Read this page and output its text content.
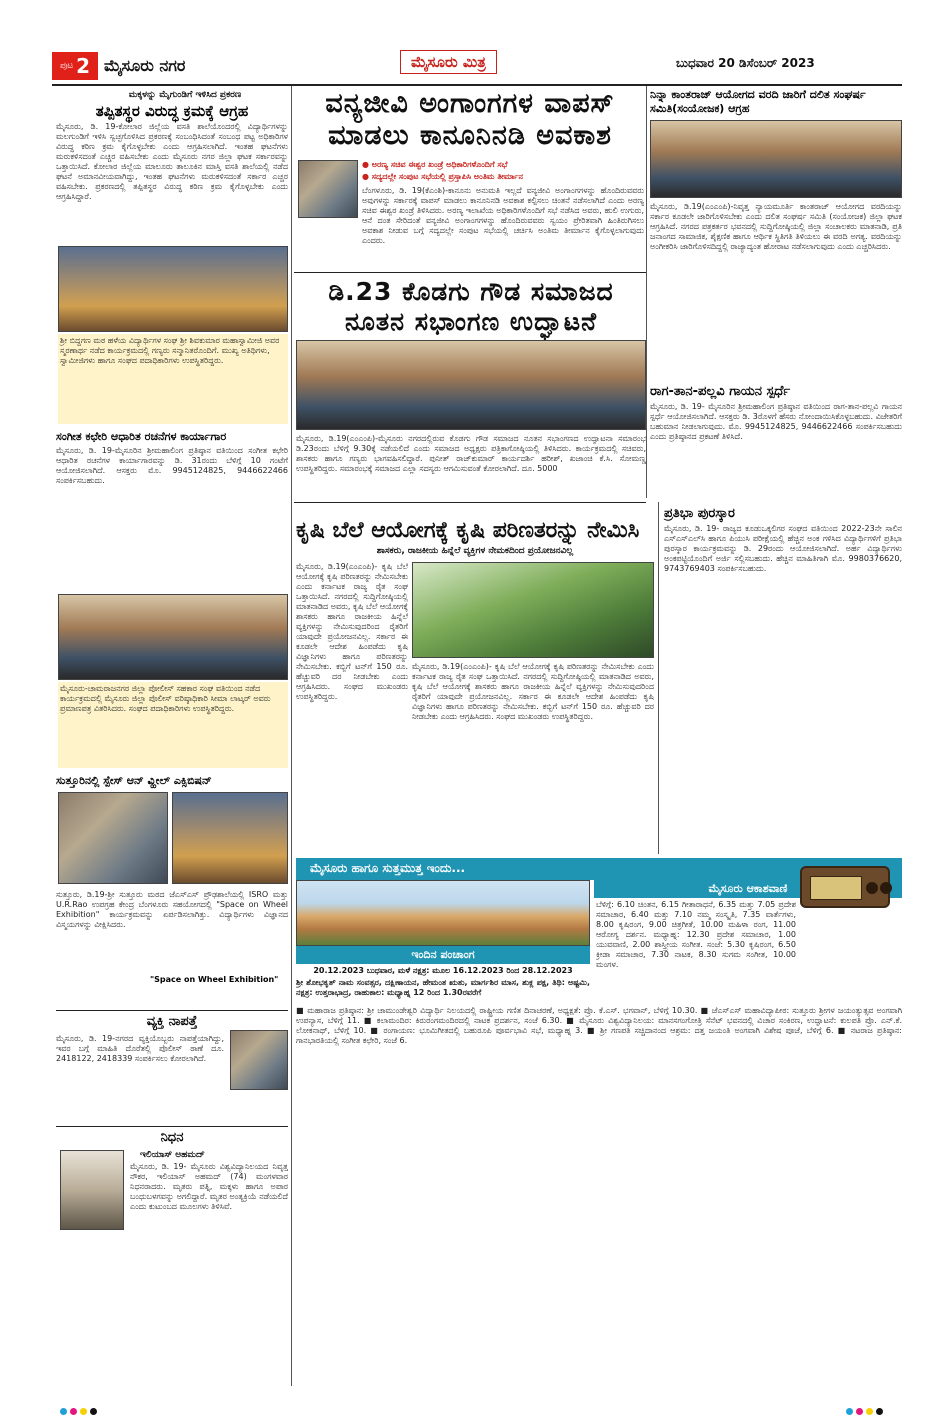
ಪುಟ 2 ಮೈಸೂರು ನಗರ	ಮೈಸೂರು ಮಿತ್ರ	ಬುಧವಾರ 20 ಡಿಸೆಂಬರ್ 2023
ಮಕ್ಕಳನ್ನು ಮೈಗುಂಡಿಗೆ ಇಳಿಸಿದ ಪ್ರಕರಣ
ತಪ್ಪಿತಸ್ಥರ ವಿರುದ್ಧ ಕ್ರಮಕ್ಕೆ ಆಗ್ರಹ
ಮೈಸೂರು, ಡಿ. 19-ಕೋಲಾರ ಜಿಲ್ಲೆಯ ವಸತಿ ಶಾಲೆಯೊಂದರಲ್ಲಿ ವಿದ್ಯಾರ್ಥಿಗಳನ್ನು ಮಲಗುಂಡಿಗೆ ಇಳಿಸಿ ಸ್ವಚ್ಛಗೊಳಿಸಿದ ಪ್ರಕರಣಕ್ಕೆ ಸಂಬಂಧಿಸಿದಂತೆ ಸಂಬಂಧ ಪಟ್ಟ ಅಧಿಕಾರಿಗಳ ವಿರುದ್ಧ ಕಠಿಣ ಕ್ರಮ ಕೈಗೊಳ್ಳಬೇಕು ಎಂದು ಆಗ್ರಹಿಸಲಾಗಿದೆ. ಇಂತಹ ಘಟನೆಗಳು ಮರುಕಳಿಸದಂತೆ ಎಚ್ಚರ ವಹಿಸಬೇಕು ಎಂದು ಮೈಸೂರು ನಗರ ಜಿಲ್ಲಾ ಘಟಕ ಸರ್ಕಾರವನ್ನು ಒತ್ತಾಯಿಸಿದೆ. ಕೋಲಾರ ಜಿಲ್ಲೆಯ ಮಾಲೂರು ತಾಲೂಕಿನ ಮಾಸ್ತಿ ವಸತಿ ಶಾಲೆಯಲ್ಲಿ ನಡೆದ ಘಟನೆ ಅಮಾನವೀಯವಾಗಿದ್ದು, ಇಂತಹ ಘಟನೆಗಳು ಮರುಕಳಿಸದಂತೆ ಸರ್ಕಾರ ಎಚ್ಚರ ವಹಿಸಬೇಕು. ಪ್ರಕರಣದಲ್ಲಿ ತಪ್ಪಿತಸ್ಥರ ವಿರುದ್ಧ ಕಠಿಣ ಕ್ರಮ ಕೈಗೊಳ್ಳಬೇಕು ಎಂದು ಆಗ್ರಹಿಸಿದ್ದಾರೆ.
ಶ್ರೀ ಬಿದ್ದಗಣ ಮಠ ಹಳೆಯ ವಿದ್ಯಾರ್ಥಿಗಳ ಸಂಘ ಶ್ರೀ ಶಿವಕುಮಾರ ಮಹಾಸ್ವಾಮೀಜಿ ಅವರ ಸ್ಮರಣಾರ್ಥ ನಡೆದ ಕಾರ್ಯಕ್ರಮದಲ್ಲಿ ಗಣ್ಯರು ಸನ್ಮಾನಿತರೊಂದಿಗೆ. ಮುಖ್ಯ ಅತಿಥಿಗಳು, ಸ್ವಾಮೀಜಿಗಳು ಹಾಗೂ ಸಂಘದ ಪದಾಧಿಕಾರಿಗಳು ಉಪಸ್ಥಿತರಿದ್ದರು.
ಸಂಗೀತ ಕಛೇರಿ ಆಧಾರಿತ ರಚನೆಗಳ ಕಾರ್ಯಾಗಾರ
ಮೈಸೂರು, ಡಿ. 19-ಮೈಸೂರಿನ ಶ್ರೀಮಹಾಲಿಂಗ ಪ್ರತಿಷ್ಠಾನ ವತಿಯಿಂದ ಸಂಗೀತ ಕಛೇರಿ ಆಧಾರಿತ ರಚನೆಗಳ ಕಾರ್ಯಾಗಾರವನ್ನು ಡಿ. 31ರಂದು ಬೆಳಿಗ್ಗೆ 10 ಗಂಟೆಗೆ ಆಯೋಜಿಸಲಾಗಿದೆ. ಆಸಕ್ತರು ಮೊ. 9945124825, 9446622466 ಸಂಪರ್ಕಿಸಬಹುದು.
ಮೈಸೂರು-ಚಾಮರಾಜನಗರ ಜಿಲ್ಲಾ ಪೋಲೀಸ್ ಸಹಕಾರ ಸಂಘ ವತಿಯಿಂದ ನಡೆದ ಕಾರ್ಯಕ್ರಮದಲ್ಲಿ ಮೈಸೂರು ಜಿಲ್ಲಾ ಪೊಲೀಸ್ ವರಿಷ್ಠಾಧಿಕಾರಿ ಸೀಮಾ ಲಾಟ್ಕರ್ ಅವರು ಪ್ರಮಾಣಪತ್ರ ವಿತರಿಸಿದರು. ಸಂಘದ ಪದಾಧಿಕಾರಿಗಳು ಉಪಸ್ಥಿತರಿದ್ದರು.
ಸುತ್ತೂರಿನಲ್ಲಿ ಸ್ಪೇಸ್ ಆನ್ ವ್ಹೀಲ್ ಎಕ್ಸಿಬಿಷನ್
ಸುತ್ತೂರು, ಡಿ.19-ಶ್ರೀ ಸುತ್ತೂರು ಮಠದ ಜೆಎಸ್‌ಎಸ್ ಪ್ರೌಢಶಾಲೆಯಲ್ಲಿ ISRO ಮತ್ತು U.R.Rao ಉಪಗ್ರಹ ಕೇಂದ್ರ ಬೆಂಗಳೂರು ಸಹಯೋಗದಲ್ಲಿ "Space on Wheel Exhibition" ಕಾರ್ಯಕ್ರಮವನ್ನು ಏರ್ಪಡಿಸಲಾಗಿತ್ತು. ವಿದ್ಯಾರ್ಥಿಗಳು ವಿಜ್ಞಾನದ ವಿಸ್ಮಯಗಳನ್ನು ವೀಕ್ಷಿಸಿದರು.
"Space on Wheel Exhibition"
ವ್ಯಕ್ತಿ ನಾಪತ್ತೆ
ಮೈಸೂರು, ಡಿ. 19-ನಗರದ ವ್ಯಕ್ತಿಯೊಬ್ಬರು ನಾಪತ್ತೆಯಾಗಿದ್ದು, ಇವರ ಬಗ್ಗೆ ಮಾಹಿತಿ ದೊರೆತಲ್ಲಿ ಪೊಲೀಸ್ ಠಾಣೆ ದೂ. 2418122, 2418339 ಸಂಪರ್ಕಿಸಲು ಕೋರಲಾಗಿದೆ.
ನಿಧನ
ಇಲಿಯಾಸ್ ಅಹಮದ್
ಮೈಸೂರು, ಡಿ. 19- ಮೈಸೂರು ವಿಶ್ವವಿದ್ಯಾನಿಲಯದ ನಿವೃತ್ತ ನೌಕರ, ಇಲಿಯಾಸ್ ಅಹಮದ್ (74) ಮಂಗಳವಾರ ನಿಧನರಾದರು. ಮೃತರು ಪತ್ನಿ, ಮಕ್ಕಳು ಹಾಗೂ ಅಪಾರ ಬಂಧುಬಳಗವನ್ನು ಅಗಲಿದ್ದಾರೆ. ಮೃತರ ಅಂತ್ಯಕ್ರಿಯೆ ನಡೆಯಲಿದೆ ಎಂದು ಕುಟುಂಬದ ಮೂಲಗಳು ತಿಳಿಸಿವೆ.
ವನ್ಯಜೀವಿ ಅಂಗಾಂಗಗಳ ವಾಪಸ್
ಮಾಡಲು ಕಾನೂನಿನಡಿ ಅವಕಾಶ
● ಅರಣ್ಯ ಸಚಿವ ಈಶ್ವರ ಖಂಡ್ರೆ ಅಧಿಕಾರಿಗಳೊಂದಿಗೆ ಸಭೆ
● ಸದ್ಯದಲ್ಲೇ ಸಂಪುಟ ಸಭೆಯಲ್ಲಿ ಪ್ರಸ್ತಾಪಿಸಿ ಅಂತಿಮ ತೀರ್ಮಾನ
ಬೆಂಗಳೂರು, ಡಿ. 19(ಕೆಎಂಶಿ)-ಕಾನೂನು ಅನುಮತಿ ಇಲ್ಲದೆ ವನ್ಯಜೀವಿ ಅಂಗಾಂಗಗಳನ್ನು ಹೊಂದಿರುವವರು ಅವುಗಳನ್ನು ಸರ್ಕಾರಕ್ಕೆ ವಾಪಸ್ ಮಾಡಲು ಕಾನೂನಿನಡಿ ಅವಕಾಶ ಕಲ್ಪಿಸಲು ಚಿಂತನೆ ನಡೆಸಲಾಗಿದೆ ಎಂದು ಅರಣ್ಯ ಸಚಿವ ಈಶ್ವರ ಖಂಡ್ರೆ ತಿಳಿಸಿದರು. ಅರಣ್ಯ ಇಲಾಖೆಯ ಅಧಿಕಾರಿಗಳೊಂದಿಗೆ ಸಭೆ ನಡೆಸಿದ ಅವರು, ಹುಲಿ ಉಗುರು, ಆನೆ ದಂತ ಸೇರಿದಂತೆ ವನ್ಯಜೀವಿ ಅಂಗಾಂಗಗಳನ್ನು ಹೊಂದಿರುವವರು ಸ್ವಯಂ ಪ್ರೇರಿತವಾಗಿ ಹಿಂತಿರುಗಿಸಲು ಅವಕಾಶ ನೀಡುವ ಬಗ್ಗೆ ಸದ್ಯದಲ್ಲೇ ಸಂಪುಟ ಸಭೆಯಲ್ಲಿ ಚರ್ಚಿಸಿ ಅಂತಿಮ ತೀರ್ಮಾನ ಕೈಗೊಳ್ಳಲಾಗುವುದು ಎಂದರು.
ನಿನ್ನಾ ಕಾಂತರಾಜ್ ಆಯೋಗದ ವರದಿ ಜಾರಿಗೆ ದಲಿತ ಸಂಘರ್ಷ ಸಮಿತಿ(ಸಂಯೋಜಕ) ಆಗ್ರಹ
ಮೈಸೂರು, ಡಿ.19(ಎಂಎಂಪಿ)-ನಿವೃತ್ತ ನ್ಯಾಯಮೂರ್ತಿ ಕಾಂತರಾಜ್ ಆಯೋಗದ ವರದಿಯನ್ನು ಸರ್ಕಾರ ಕೂಡಲೇ ಜಾರಿಗೊಳಿಸಬೇಕು ಎಂದು ದಲಿತ ಸಂಘರ್ಷ ಸಮಿತಿ (ಸಂಯೋಜಕ) ಜಿಲ್ಲಾ ಘಟಕ ಆಗ್ರಹಿಸಿದೆ. ನಗರದ ಪತ್ರಕರ್ತರ ಭವನದಲ್ಲಿ ಸುದ್ದಿಗೋಷ್ಠಿಯಲ್ಲಿ ಜಿಲ್ಲಾ ಸಂಚಾಲಕರು ಮಾತನಾಡಿ, ಪ್ರತಿ ಜನಾಂಗದ ಸಾಮಾಜಿಕ, ಶೈಕ್ಷಣಿಕ ಹಾಗೂ ಆರ್ಥಿಕ ಸ್ಥಿತಿಗತಿ ತಿಳಿಯಲು ಈ ವರದಿ ಅಗತ್ಯ. ವರದಿಯನ್ನು ಅಂಗೀಕರಿಸಿ ಜಾರಿಗೊಳಿಸದಿದ್ದಲ್ಲಿ ರಾಜ್ಯಾದ್ಯಂತ ಹೋರಾಟ ನಡೆಸಲಾಗುವುದು ಎಂದು ಎಚ್ಚರಿಸಿದರು.
ರಾಗ-ತಾನ-ಪಲ್ಲವಿ ಗಾಯನ ಸ್ಪರ್ಧೆ
ಮೈಸೂರು, ಡಿ. 19- ಮೈಸೂರಿನ ಶ್ರೀಮಹಾಲಿಂಗ ಪ್ರತಿಷ್ಠಾನ ವತಿಯಿಂದ ರಾಗ-ತಾನ-ಪಲ್ಲವಿ ಗಾಯನ ಸ್ಪರ್ಧೆ ಆಯೋಜಿಸಲಾಗಿದೆ. ಆಸಕ್ತರು ಡಿ. 3ರೊಳಗೆ ಹೆಸರು ನೋಂದಾಯಿಸಿಕೊಳ್ಳಬಹುದು. ವಿಜೇತರಿಗೆ ಬಹುಮಾನ ನೀಡಲಾಗುವುದು. ಮೊ. 9945124825, 9446622466 ಸಂಪರ್ಕಿಸಬಹುದು ಎಂದು ಪ್ರತಿಷ್ಠಾನದ ಪ್ರಕಟಣೆ ತಿಳಿಸಿದೆ.
ಡಿ.23 ಕೊಡಗು ಗೌಡ ಸಮಾಜದ
ನೂತನ ಸಭಾಂಗಣ ಉದ್ಘಾಟನೆ
ಮೈಸೂರು, ಡಿ.19(ಎಂಎಂಪಿ)-ಮೈಸೂರು ನಗರದಲ್ಲಿರುವ ಕೊಡಗು ಗೌಡ ಸಮಾಜದ ನೂತನ ಸಭಾಂಗಣದ ಉದ್ಘಾಟನಾ ಸಮಾರಂಭ ಡಿ.23ರಂದು ಬೆಳಿಗ್ಗೆ 9.30ಕ್ಕೆ ನಡೆಯಲಿದೆ ಎಂದು ಸಮಾಜದ ಅಧ್ಯಕ್ಷರು ಪತ್ರಿಕಾಗೋಷ್ಠಿಯಲ್ಲಿ ತಿಳಿಸಿದರು. ಕಾರ್ಯಕ್ರಮದಲ್ಲಿ ಸಚಿವರು, ಶಾಸಕರು ಹಾಗೂ ಗಣ್ಯರು ಭಾಗವಹಿಸಲಿದ್ದಾರೆ. ಪುನೀತ್ ರಾಜ್‌ಕುಮಾರ್ ಕಾರ್ಯದರ್ಶಿ ಹರೀಶ್, ಖಜಾಂಚಿ ಕೆ.ಸಿ. ಸೋಮಣ್ಣ ಉಪಸ್ಥಿತರಿದ್ದರು. ಸಮಾರಂಭಕ್ಕೆ ಸಮಾಜದ ಎಲ್ಲಾ ಸದಸ್ಯರು ಆಗಮಿಸುವಂತೆ ಕೋರಲಾಗಿದೆ. ದೂ. 5000
ಕೃಷಿ ಬೆಲೆ ಆಯೋಗಕ್ಕೆ ಕೃಷಿ ಪರಿಣತರನ್ನು ನೇಮಿಸಿ
ಶಾಸಕರು, ರಾಜಕೀಯ ಹಿನ್ನೆಲೆ ವ್ಯಕ್ತಿಗಳ ನೇಮಕದಿಂದ ಪ್ರಯೋಜನವಿಲ್ಲ
ಮೈಸೂರು, ಡಿ.19(ಎಂಎಂಪಿ)- ಕೃಷಿ ಬೆಲೆ ಆಯೋಗಕ್ಕೆ ಕೃಷಿ ಪರಿಣತರನ್ನು ನೇಮಿಸಬೇಕು ಎಂದು ಕರ್ನಾಟಕ ರಾಜ್ಯ ರೈತ ಸಂಘ ಒತ್ತಾಯಿಸಿದೆ. ನಗರದಲ್ಲಿ ಸುದ್ದಿಗೋಷ್ಠಿಯಲ್ಲಿ ಮಾತನಾಡಿದ ಅವರು, ಕೃಷಿ ಬೆಲೆ ಆಯೋಗಕ್ಕೆ ಶಾಸಕರು ಹಾಗೂ ರಾಜಕೀಯ ಹಿನ್ನೆಲೆ ವ್ಯಕ್ತಿಗಳನ್ನು ನೇಮಿಸುವುದರಿಂದ ರೈತರಿಗೆ ಯಾವುದೇ ಪ್ರಯೋಜನವಿಲ್ಲ. ಸರ್ಕಾರ ಈ ಕೂಡಲೇ ಆದೇಶ ಹಿಂಪಡೆದು ಕೃಷಿ ವಿಜ್ಞಾನಿಗಳು ಹಾಗೂ ಪರಿಣತರನ್ನು ನೇಮಿಸಬೇಕು. ಕಬ್ಬಿಗೆ ಟನ್‌ಗೆ 150 ರೂ. ಹೆಚ್ಚುವರಿ ದರ ನೀಡಬೇಕು ಎಂದು ಆಗ್ರಹಿಸಿದರು. ಸಂಘದ ಮುಖಂಡರು ಉಪಸ್ಥಿತರಿದ್ದರು.
ಮೈಸೂರು, ಡಿ.19(ಎಂಎಂಪಿ)- ಕೃಷಿ ಬೆಲೆ ಆಯೋಗಕ್ಕೆ ಕೃಷಿ ಪರಿಣತರನ್ನು ನೇಮಿಸಬೇಕು ಎಂದು ಕರ್ನಾಟಕ ರಾಜ್ಯ ರೈತ ಸಂಘ ಒತ್ತಾಯಿಸಿದೆ. ನಗರದಲ್ಲಿ ಸುದ್ದಿಗೋಷ್ಠಿಯಲ್ಲಿ ಮಾತನಾಡಿದ ಅವರು, ಕೃಷಿ ಬೆಲೆ ಆಯೋಗಕ್ಕೆ ಶಾಸಕರು ಹಾಗೂ ರಾಜಕೀಯ ಹಿನ್ನೆಲೆ ವ್ಯಕ್ತಿಗಳನ್ನು ನೇಮಿಸುವುದರಿಂದ ರೈತರಿಗೆ ಯಾವುದೇ ಪ್ರಯೋಜನವಿಲ್ಲ. ಸರ್ಕಾರ ಈ ಕೂಡಲೇ ಆದೇಶ ಹಿಂಪಡೆದು ಕೃಷಿ ವಿಜ್ಞಾನಿಗಳು ಹಾಗೂ ಪರಿಣತರನ್ನು ನೇಮಿಸಬೇಕು. ಕಬ್ಬಿಗೆ ಟನ್‌ಗೆ 150 ರೂ. ಹೆಚ್ಚುವರಿ ದರ ನೀಡಬೇಕು ಎಂದು ಆಗ್ರಹಿಸಿದರು. ಸಂಘದ ಮುಖಂಡರು ಉಪಸ್ಥಿತರಿದ್ದರು.
ಪ್ರತಿಭಾ ಪುರಸ್ಕಾರ
ಮೈಸೂರು, ಡಿ. 19- ರಾಜ್ಯದ ಕೂಡುಒಕ್ಕಲಿಗರ ಸಂಘದ ವತಿಯಿಂದ 2022-23ನೇ ಸಾಲಿನ ಎಸ್‌ಎಸ್‌ಎಲ್‌ಸಿ ಹಾಗೂ ಪಿಯುಸಿ ಪರೀಕ್ಷೆಯಲ್ಲಿ ಹೆಚ್ಚಿನ ಅಂಕ ಗಳಿಸಿದ ವಿದ್ಯಾರ್ಥಿಗಳಿಗೆ ಪ್ರತಿಭಾ ಪುರಸ್ಕಾರ ಕಾರ್ಯಕ್ರಮವನ್ನು ಡಿ. 29ರಂದು ಆಯೋಜಿಸಲಾಗಿದೆ. ಅರ್ಹ ವಿದ್ಯಾರ್ಥಿಗಳು ಅಂಕಪಟ್ಟಿಯೊಂದಿಗೆ ಅರ್ಜಿ ಸಲ್ಲಿಸಬಹುದು. ಹೆಚ್ಚಿನ ಮಾಹಿತಿಗಾಗಿ ಮೊ. 9980376620, 9743769403 ಸಂಪರ್ಕಿಸಬಹುದು.
ಮೈಸೂರು ಹಾಗೂ ಸುತ್ತಮುತ್ತ ಇಂದು...
ಇಂದಿನ ಪಂಚಾಂಗ
20.12.2023 ಬುಧವಾರ, ಮಳೆ ನಕ್ಷತ್ರ: ಮೂಲ 16.12.2023 ರಿಂದ 28.12.2023
ಶ್ರೀ ಶೋಭಕೃತ್ ನಾಮ ಸಂವತ್ಸರ, ದಕ್ಷಿಣಾಯನ, ಹೇಮಂತ ಋತು, ಮಾರ್ಗಶಿರ ಮಾಸ, ಶುಕ್ಲ ಪಕ್ಷ, ತಿಥಿ: ಅಷ್ಟಮಿ, ನಕ್ಷತ್ರ: ಉತ್ತರಾಭಾದ್ರ, ರಾಹುಕಾಲ: ಮಧ್ಯಾಹ್ನ 12 ರಿಂದ 1.30ರವರೆಗೆ
■ ಮಹಾರಾಜ ಪ್ರತಿಷ್ಠಾನ: ಶ್ರೀ ಚಾಮುಂಡೇಶ್ವರಿ ವಿದ್ಯಾರ್ಥಿ ನಿಲಯದಲ್ಲಿ ರಾಷ್ಟ್ರೀಯ ಗಣಿತ ದಿನಾಚರಣೆ, ಅಧ್ಯಕ್ಷತೆ: ಪ್ರೊ. ಕೆ.ಎಸ್. ಭಗವಾನ್, ಬೆಳಿಗ್ಗೆ 10.30. ■ ಜೆಎಸ್‌ಎಸ್ ಮಹಾವಿದ್ಯಾಪೀಠ: ಸುತ್ತೂರು ಶ್ರೀಗಳ ಜಯಂತ್ಯುತ್ಸವ ಅಂಗವಾಗಿ ಉಪನ್ಯಾಸ, ಬೆಳಿಗ್ಗೆ 11. ■ ಕಲಾಮಂದಿರ: ಕಿರುರಂಗಮಂದಿರದಲ್ಲಿ ನಾಟಕ ಪ್ರದರ್ಶನ, ಸಂಜೆ 6.30. ■ ಮೈಸೂರು ವಿಶ್ವವಿದ್ಯಾನಿಲಯ: ಮಾನಸಗಂಗೋತ್ರಿ ಸೆನೆಟ್ ಭವನದಲ್ಲಿ ವಿಚಾರ ಸಂಕಿರಣ, ಉದ್ಘಾಟನೆ: ಕುಲಪತಿ ಪ್ರೊ. ಎನ್.ಕೆ. ಲೋಕನಾಥ್, ಬೆಳಿಗ್ಗೆ 10. ■ ರಂಗಾಯಣ: ಭೂಮಿಗೀತದಲ್ಲಿ ಬಹುರೂಪಿ ಪೂರ್ವಭಾವಿ ಸಭೆ, ಮಧ್ಯಾಹ್ನ 3. ■ ಶ್ರೀ ಗಣಪತಿ ಸಚ್ಚಿದಾನಂದ ಆಶ್ರಮ: ದತ್ತ ಜಯಂತಿ ಅಂಗವಾಗಿ ವಿಶೇಷ ಪೂಜೆ, ಬೆಳಿಗ್ಗೆ 6. ■ ನಟರಾಜ ಪ್ರತಿಷ್ಠಾನ: ಗಾನಭಾರತಿಯಲ್ಲಿ ಸಂಗೀತ ಕಛೇರಿ, ಸಂಜೆ 6.
ಮೈಸೂರು ಆಕಾಶವಾಣಿ
ಬೆಳಿಗ್ಗೆ: 6.10 ಚಿಂತನ, 6.15 ಗೀತಾರಾಧನೆ, 6.35 ಮತ್ತು 7.05 ಪ್ರದೇಶ ಸಮಾಚಾರ, 6.40 ಮತ್ತು 7.10 ನಮ್ಮ ಸಂಸ್ಕೃತಿ, 7.35 ವಾರ್ತೆಗಳು, 8.00 ಕೃಷಿರಂಗ, 9.00 ಚಿತ್ರಗೀತೆ, 10.00 ಮಹಿಳಾ ರಂಗ, 11.00 ಆರೋಗ್ಯ ದರ್ಶನ. ಮಧ್ಯಾಹ್ನ: 12.30 ಪ್ರದೇಶ ಸಮಾಚಾರ, 1.00 ಯುವವಾಣಿ, 2.00 ಶಾಸ್ತ್ರೀಯ ಸಂಗೀತ. ಸಂಜೆ: 5.30 ಕೃಷಿರಂಗ, 6.50 ಕ್ರೀಡಾ ಸಮಾಚಾರ, 7.30 ನಾಟಕ, 8.30 ಸುಗಮ ಸಂಗೀತ, 10.00 ಮಂಗಳ.
